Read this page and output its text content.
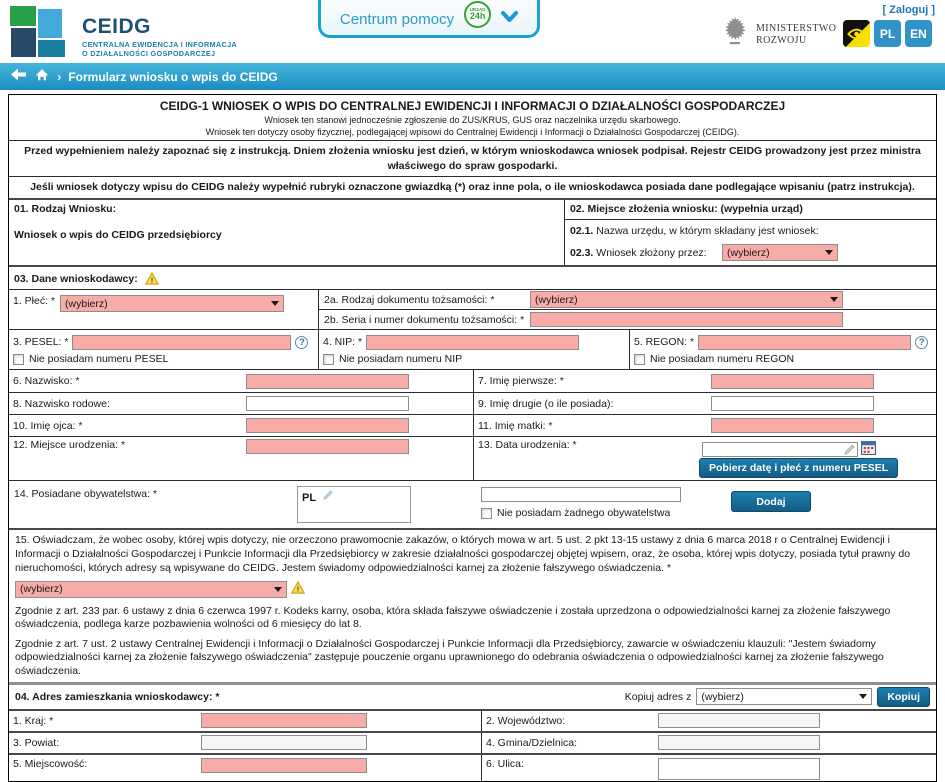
CEIDG
CENTRALNA EWIDENCJA I INFORMACJA
O DZIAŁALNOŚCI GOSPODARCZEJ
Centrum pomocy
URZĄD
24h
[ Zaloguj ]
MINISTERSTWO
ROZWOJU	PL	EN
› Formularz wniosku o wpis do CEIDG
CEIDG-1 WNIOSEK O WPIS DO CENTRALNEJ EWIDENCJI I INFORMACJI O DZIAŁALNOŚCI GOSPODARCZEJ
Wniosek ten stanowi jednocześnie zgłoszenie do ZUS/KRUS, GUS oraz naczelnika urzędu skarbowego.
Wniosek ten dotyczy osoby fizycznej, podlegającej wpisowi do Centralnej Ewidencji i Informacji o Działalności Gospodarczej (CEIDG).
Przed wypełnieniem należy zapoznać się z instrukcją. Dniem złożenia wniosku jest dzień, w którym wnioskodawca wniosek podpisał. Rejestr CEIDG prowadzony jest przez ministra właściwego do spraw gospodarki.
Jeśli wniosek dotyczy wpisu do CEIDG należy wypełnić rubryki oznaczone gwiazdką (*) oraz inne pola, o ile wnioskodawca posiada dane podlegające wpisaniu (patrz instrukcja).
01. Rodzaj Wniosku:
Wniosek o wpis do CEIDG przedsiębiorcy
02. Miejsce złożenia wniosku: (wypełnia urząd)
02.1. Nazwa urzędu, w którym składany jest wniosek:
02.3. Wniosek złożony przez:	(wybierz)
03. Dane wnioskodawcy: !
1. Płeć: * (wybierz)	2a. Rodzaj dokumentu tożsamości: *	(wybierz)
2b. Seria i numer dokumentu tożsamości: *
3. PESEL: *	?
Nie posiadam numeru PESEL
4. NIP: *
Nie posiadam numeru NIP
5. REGON: *	?
Nie posiadam numeru REGON
6. Nazwisko: *	7. Imię pierwsze: *
8. Nazwisko rodowe:	9. Imię drugie (o ile posiada):
10. Imię ojca: *	11. Imię matki: *
12. Miejsce urodzenia: *	13. Data urodzenia: *
Pobierz datę i płeć z numeru PESEL
14. Posiadane obywatelstwa: *	PL
Nie posiadam żadnego obywatelstwa
Dodaj

15. Oświadczam, że wobec osoby, której wpis dotyczy, nie orzeczono prawomocnie zakazów, o których mowa w art. 5 ust. 2 pkt 13-15 ustawy z dnia 6 marca 2018 r o Centralnej Ewidencji i Informacji o Działalności Gospodarczej i Punkcie Informacji dla Przedsiębiorcy w zakresie działalności gospodarczej objętej wpisem, oraz, że osoba, której wpis dotyczy, posiada tytuł prawny do nieruchomości, których adresy są wpisywane do CEIDG. Jestem świadomy odpowiedzialności karnej za złożenie fałszywego oświadczenia. *

(wybierz)	!

Zgodnie z art. 233 par. 6 ustawy z dnia 6 czerwca 1997 r. Kodeks karny, osoba, która składa fałszywe oświadczenie i została uprzedzona o odpowiedzialności karnej za złożenie fałszywego oświadczenia, podlega karze pozbawienia wolności od 6 miesięcy do lat 8.

Zgodnie z art. 7 ust. 2 ustawy Centralnej Ewidencji i Informacji o Działalności Gospodarczej i Punkcie Informacji dla Przedsiębiorcy, zawarcie w oświadczeniu klauzuli: "Jestem świadomy odpowiedzialności karnej za złożenie fałszywego oświadczenia" zastępuje pouczenie organu uprawnionego do odebrania oświadczenia o odpowiedzialności karnej za złożenie fałszywego oświadczenia.

04. Adres zamieszkania wnioskodawcy: *	Kopiuj adres z (wybierz)	Kopiuj
1. Kraj: *	2. Województwo:
3. Powiat:	4. Gmina/Dzielnica:
5. Miejscowość:	6. Ulica:
